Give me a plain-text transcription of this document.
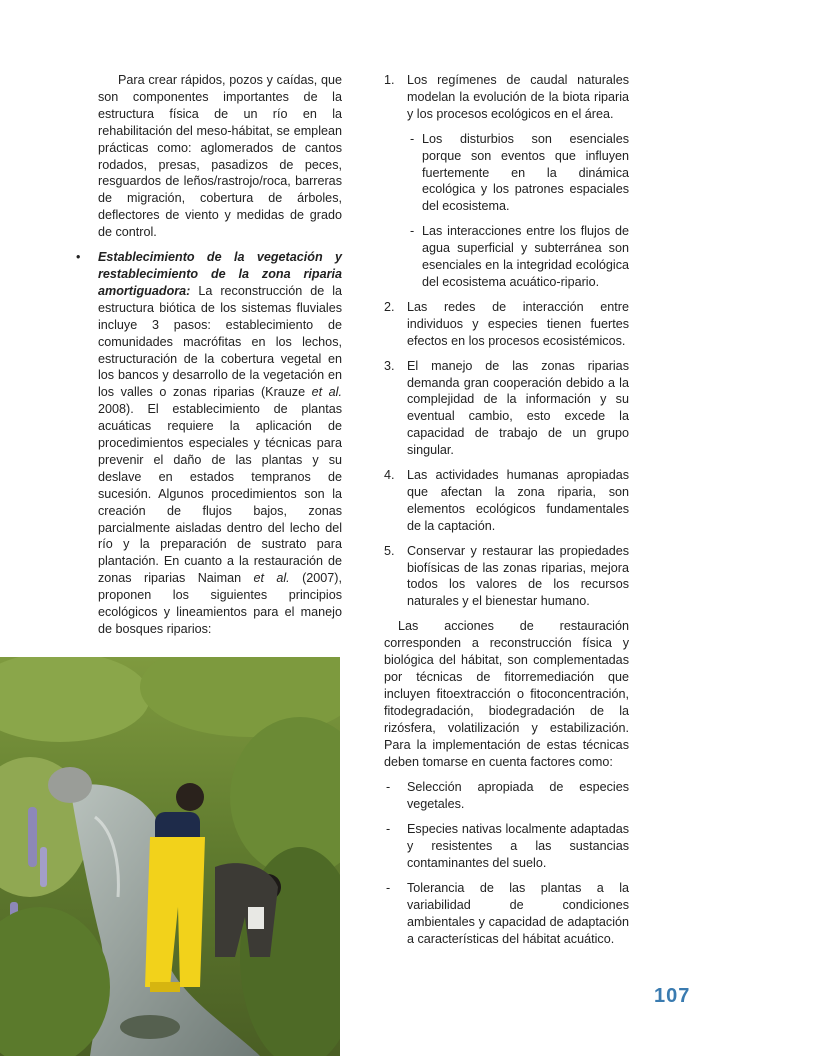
Para crear rápidos, pozos y caídas, que son componentes importantes de la estructura física de un río en la rehabilitación del meso-hábitat, se emplean prácticas como: aglomerados de cantos rodados, presas, pasadizos de peces, resguardos de leños/rastrojo/roca, barreras de migración, cobertura de árboles, deflectores de viento y medidas de grado de control.

• Establecimiento de la vegetación y restablecimiento de la zona riparia amortiguadora: La reconstrucción de la estructura biótica de los sistemas fluviales incluye 3 pasos: establecimiento de comunidades macrófitas en los lechos, estructuración de la cobertura vegetal en los bancos y desarrollo de la vegetación en los valles o zonas riparias (Krauze et al. 2008). El establecimiento de plantas acuáticas requiere la aplicación de procedimientos especiales y técnicas para prevenir el daño de las plantas y su deslave en estados tempranos de sucesión. Algunos procedimientos son la creación de flujos bajos, zonas parcialmente aisladas dentro del lecho del río y la preparación de sustrato para plantación. En cuanto a la restauración de zonas riparias Naiman et al. (2007), proponen los siguientes principios ecológicos y lineamientos para el manejo de bosques riparios:

1. Los regímenes de caudal naturales modelan la evolución de la biota riparia y los procesos ecológicos en el área.
- Los disturbios son esenciales porque son eventos que influyen fuertemente en la dinámica ecológica y los patrones espaciales del ecosistema.
- Las interacciones entre los flujos de agua superficial y subterránea son esenciales en la integridad ecológica del ecosistema acuático-ripario.
2. Las redes de interacción entre individuos y especies tienen fuertes efectos en los procesos ecosistémicos.
3. El manejo de las zonas riparias demanda gran cooperación debido a la complejidad de la información y su eventual cambio, esto excede la capacidad de trabajo de un grupo singular.
4. Las actividades humanas apropiadas que afectan la zona riparia, son elementos ecológicos fundamentales de la captación.
5. Conservar y restaurar las propiedades biofísicas de las zonas riparias, mejora todos los valores de los recursos naturales y el bienestar humano.

Las acciones de restauración corresponden a reconstrucción física y biológica del hábitat, son complementadas por técnicas de fitorremediación que incluyen fitoextracción o fitoconcentración, fitodegradación, biodegradación de la rizósfera, volatilización y estabilización. Para la implementación de estas técnicas deben tomarse en cuenta factores como:

- Selección apropiada de especies vegetales.
- Especies nativas localmente adaptadas y resistentes a las sustancias contaminantes del suelo.
- Tolerancia de las plantas a la variabilidad de condiciones ambientales y capacidad de adaptación a características del hábitat acuático.
107
